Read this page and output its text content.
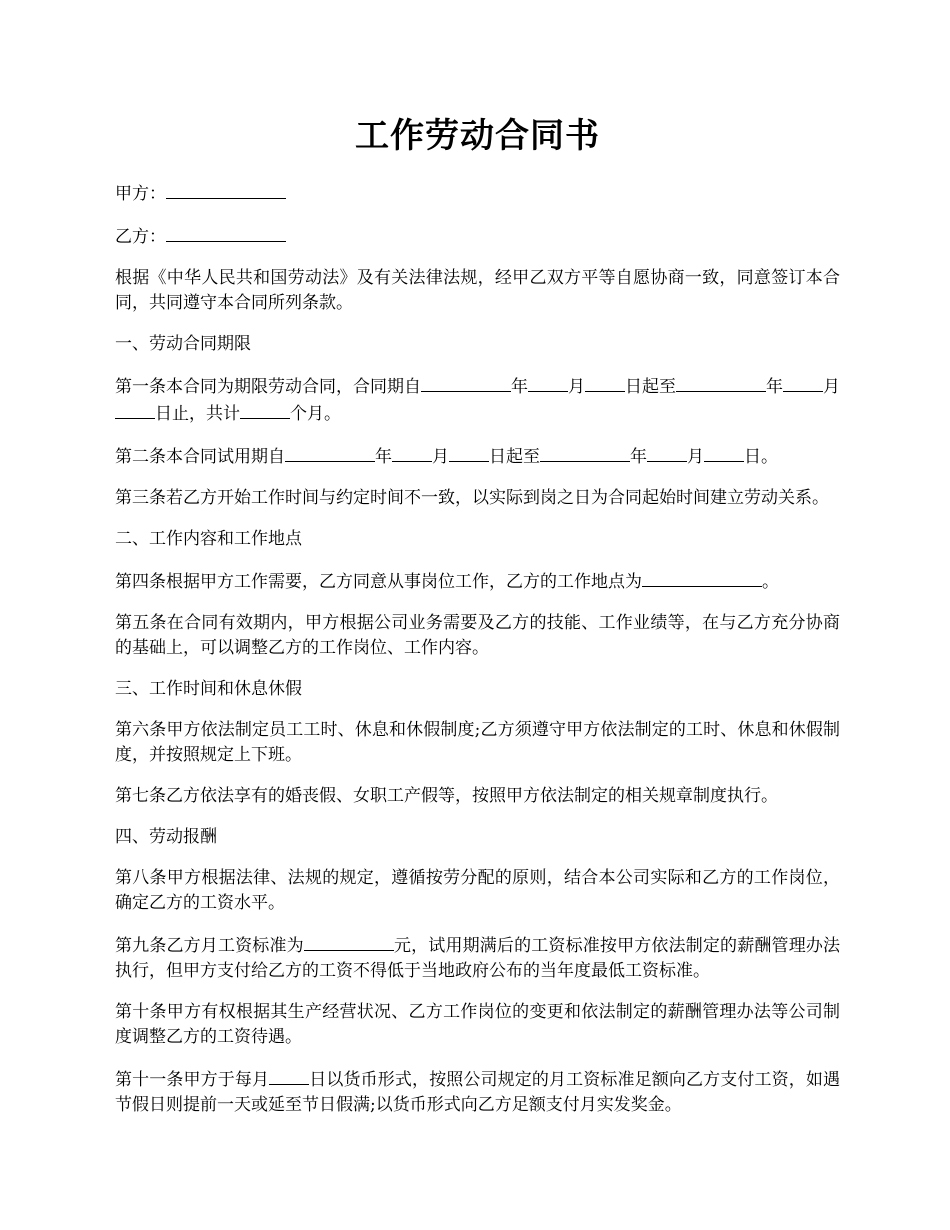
工作劳动合同书

甲方：

乙方：

根据《中华人民共和国劳动法》及有关法律法规，经甲乙双方平等自愿协商一致，同意签订本合同，共同遵守本合同所列条款。

一、劳动合同期限

第一条本合同为期限劳动合同，合同期自	年 月 日起至	年 月日止，共计	个月。

第二条本合同试用期自	年 月 日起至	年 月 日。

第三条若乙方开始工作时间与约定时间不一致，以实际到岗之日为合同起始时间建立劳动关系。

二、工作内容和工作地点

第四条根据甲方工作需要，乙方同意从事岗位工作，乙方的工作地点为	。

第五条在合同有效期内，甲方根据公司业务需要及乙方的技能、工作业绩等，在与乙方充分协商的基础上，可以调整乙方的工作岗位、工作内容。

三、工作时间和休息休假

第六条甲方依法制定员工工时、休息和休假制度;乙方须遵守甲方依法制定的工时、休息和休假制度，并按照规定上下班。

第七条乙方依法享有的婚丧假、女职工产假等，按照甲方依法制定的相关规章制度执行。

四、劳动报酬

第八条甲方根据法律、法规的规定，遵循按劳分配的原则，结合本公司实际和乙方的工作岗位，确定乙方的工资水平。

第九条乙方月工资标准为	元，试用期满后的工资标准按甲方依法制定的薪酬管理办法执行，但甲方支付给乙方的工资不得低于当地政府公布的当年度最低工资标准。

第十条甲方有权根据其生产经营状况、乙方工作岗位的变更和依法制定的薪酬管理办法等公司制度调整乙方的工资待遇。

第十一条甲方于每月 日以货币形式，按照公司规定的月工资标准足额向乙方支付工资，如遇节假日则提前一天或延至节日假满;以货币形式向乙方足额支付月实发奖金。
